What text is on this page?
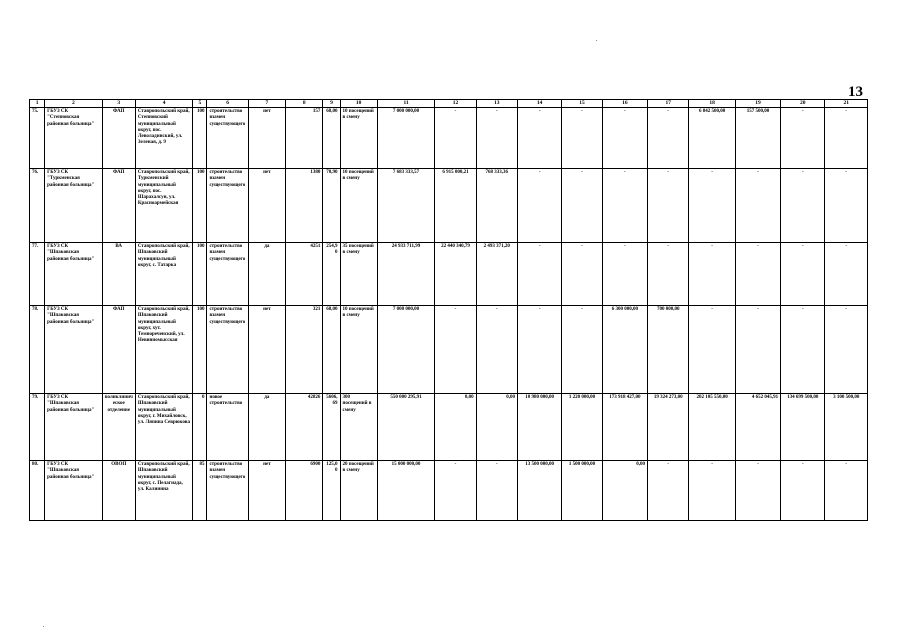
13
1	2	3	4	5	6	7	8	9	10	11	12	13	14	15	16	17	18	19	20	21
75.	ГБУЗ СК "Степновская районная больница"	ФАП	Ставропольский край, Степновский муниципальный округ, пос. Леволадинский, ул. Зеленая, д. 9	100	строительство взамен существующего	нет	157	68,00	10 посещений в смену	7 000 000,00	-	-	-	-	-	-	6 842 500,00	157 500,00	-	-
76.	ГБУЗ СК "Туркменская районная больница"	ФАП	Ставропольский край, Туркменский муниципальный округ, пос. Шарахалсун, ул. Красноармейская	100	строительство взамен существующего	нет	1380	70,90	10 посещений в смену	7 683 333,57	6 915 000,21	768 333,36	-	-	-	-	-	-	-	-
77.	ГБУЗ СК "Шпаковская районная больница"	ВА	Ставропольский край, Шпаковский муниципальный округ, с. Татарка	100	строительство взамен существующего	да	4251	254,90	35 посещений в смену	24 933 711,99	22 440 340,79	2 493 371,20	-	-	-	-	-	-	-	-
78.	ГБУЗ СК "Шпаковская районная больница"	ФАП	Ставропольский край, Шпаковский муниципальный округ, хут. Темнореченский, ул. Невинномысская	100	строительство взамен существующего	нет	321	68,00	10 посещений в смену	7 000 000,00	-	-	-	-	6 300 000,00	700 000,00	-	-	-	-
79.	ГБУЗ СК "Шпаковская районная больница"	поликлиническое отделение	Ставропольский край, Шпаковский муниципальный округ, г. Михайловск, ул. Ляпина Севрюкова	0	новое строительство	да	42826	5606,69	300 посещений в смену	550 000 295,91	0,00	0,00	10 980 000,00	1 220 000,00	173 918 427,00	19 324 273,00	202 105 550,00	4 652 045,91	134 699 500,00	3 100 500,00
80.	ГБУЗ СК "Шпаковская районная больница"	ОВОП	Ставропольский край, Шпаковский муниципальный округ, с. Пелагиада, ул. Калинина	85	строительство взамен существующего	нет	6900	125,00	20 посещений в смену	15 000 000,00	-	-	13 500 000,00	1 500 000,00	0,00	-	-	-	-	-
